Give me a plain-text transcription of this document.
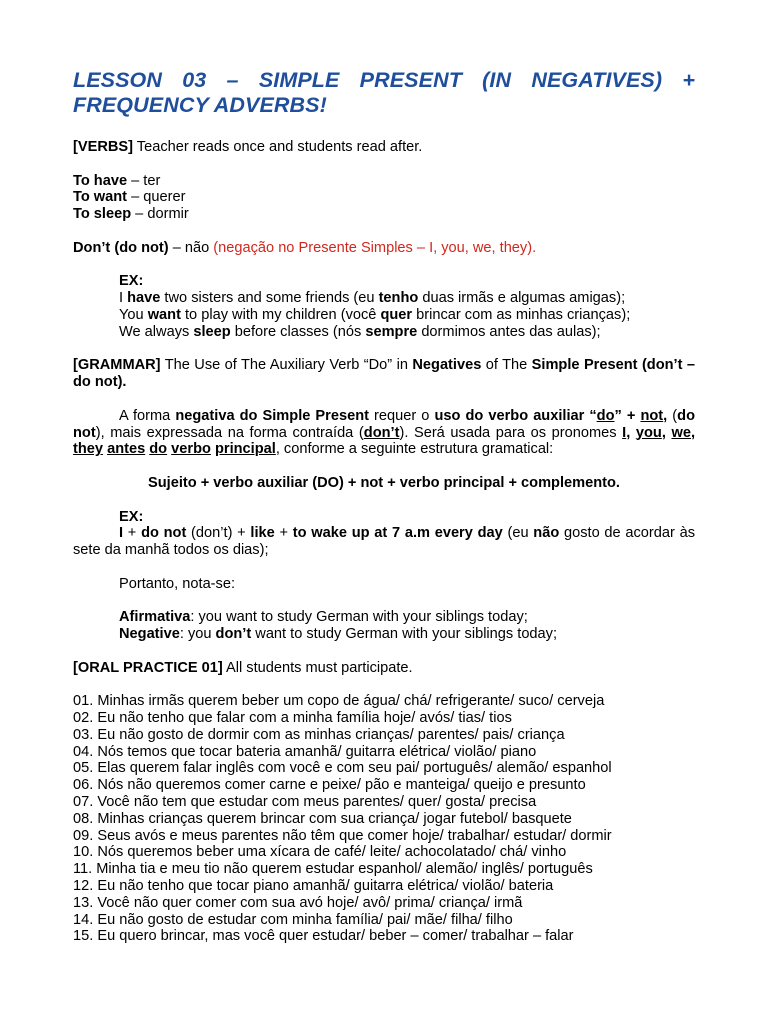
LESSON 03 – SIMPLE PRESENT (IN NEGATIVES) + FREQUENCY ADVERBS!

[VERBS] Teacher reads once and students read after.

To have – ter

To want – querer

To sleep – dormir

Don’t (do not) – não (negação no Presente Simples – I, you, we, they).

EX:

I have two sisters and some friends (eu tenho duas irmãs e algumas amigas);

You want to play with my children (você quer brincar com as minhas crianças);

We always sleep before classes (nós sempre dormimos antes das aulas);

[GRAMMAR] The Use of The Auxiliary Verb “Do” in Negatives of The Simple Present (don’t – do not).

A forma negativa do Simple Present requer o uso do verbo auxiliar “do” + not, (do not), mais expressada na forma contraída (don’t). Será usada para os pronomes I, you, we, they antes do verbo principal, conforme a seguinte estrutura gramatical:

Sujeito + verbo auxiliar (DO) + not + verbo principal + complemento.

EX:

I + do not (don’t) + like + to wake up at 7 a.m every day (eu não gosto de acordar às sete da manhã todos os dias);

Portanto, nota-se:

Afirmativa: you want to study German with your siblings today;

Negative: you don’t want to study German with your siblings today;

[ORAL PRACTICE 01] All students must participate.

01. Minhas irmãs querem beber um copo de água/ chá/ refrigerante/ suco/ cerveja

02. Eu não tenho que falar com a minha família hoje/ avós/ tias/ tios

03. Eu não gosto de dormir com as minhas crianças/ parentes/ pais/ criança

04. Nós temos que tocar bateria amanhã/ guitarra elétrica/ violão/ piano

05. Elas querem falar inglês com você e com seu pai/ português/ alemão/ espanhol

06. Nós não queremos comer carne e peixe/ pão e manteiga/ queijo e presunto

07. Você não tem que estudar com meus parentes/ quer/ gosta/ precisa

08. Minhas crianças querem brincar com sua criança/ jogar futebol/ basquete

09. Seus avós e meus parentes não têm que comer hoje/ trabalhar/ estudar/ dormir

10. Nós queremos beber uma xícara de café/ leite/ achocolatado/ chá/ vinho

11. Minha tia e meu tio não querem estudar espanhol/ alemão/ inglês/ português

12. Eu não tenho que tocar piano amanhã/ guitarra elétrica/ violão/ bateria

13. Você não quer comer com sua avó hoje/ avô/ prima/ criança/ irmã

14. Eu não gosto de estudar com minha família/ pai/ mãe/ filha/ filho

15. Eu quero brincar, mas você quer estudar/ beber – comer/ trabalhar – falar
